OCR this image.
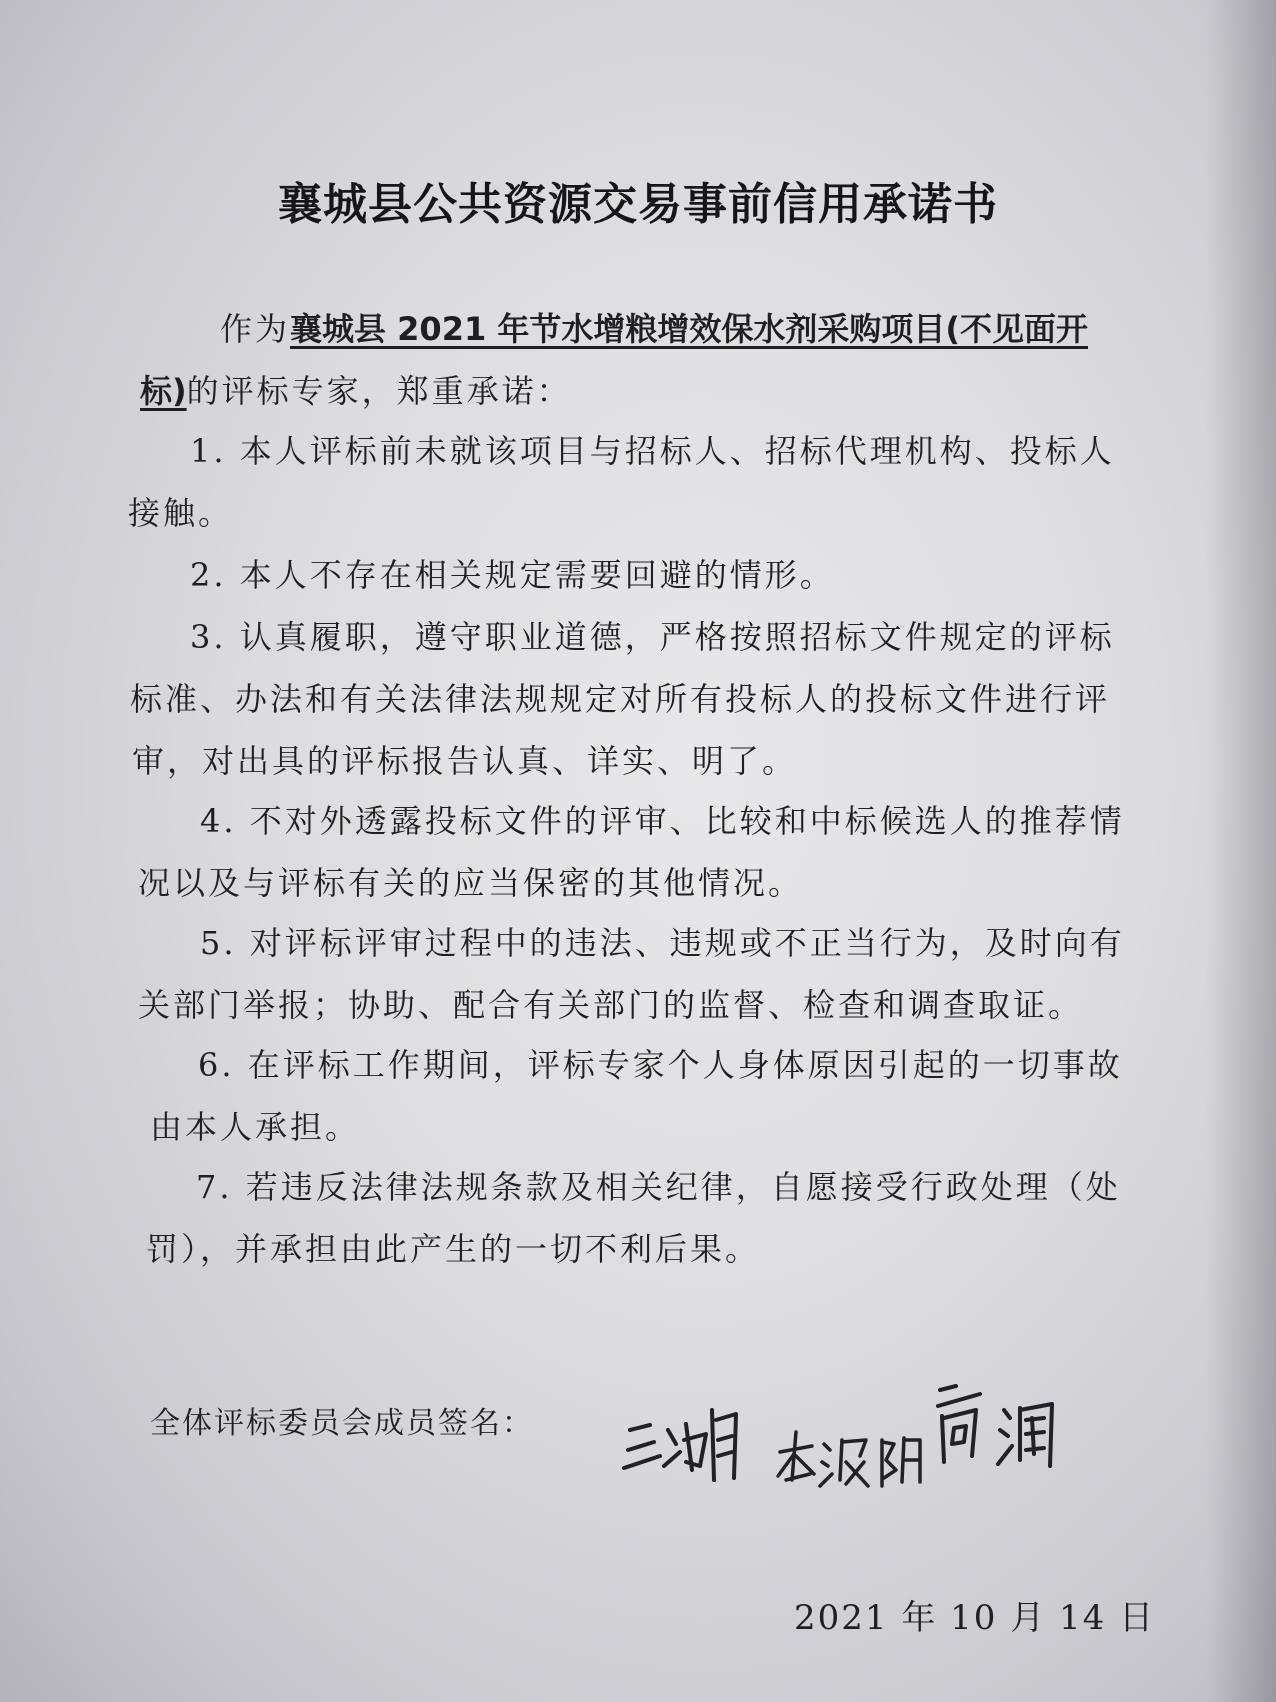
襄城县公共资源交易事前信用承诺书
作为襄城县 2021 年节水增粮增效保水剂采购项目(不见面开
标)的评标专家，郑重承诺：
1. 本人评标前未就该项目与招标人、招标代理机构、投标人
接触。
2. 本人不存在相关规定需要回避的情形。
3. 认真履职，遵守职业道德，严格按照招标文件规定的评标
标准、办法和有关法律法规规定对所有投标人的投标文件进行评
审，对出具的评标报告认真、详实、明了。
4. 不对外透露投标文件的评审、比较和中标候选人的推荐情
况以及与评标有关的应当保密的其他情况。
5. 对评标评审过程中的违法、违规或不正当行为，及时向有
关部门举报；协助、配合有关部门的监督、检查和调查取证。
6. 在评标工作期间，评标专家个人身体原因引起的一切事故
由本人承担。
7. 若违反法律法规条款及相关纪律，自愿接受行政处理（处
罚），并承担由此产生的一切不利后果。
全体评标委员会成员签名：
2021 年 10 月 14 日
